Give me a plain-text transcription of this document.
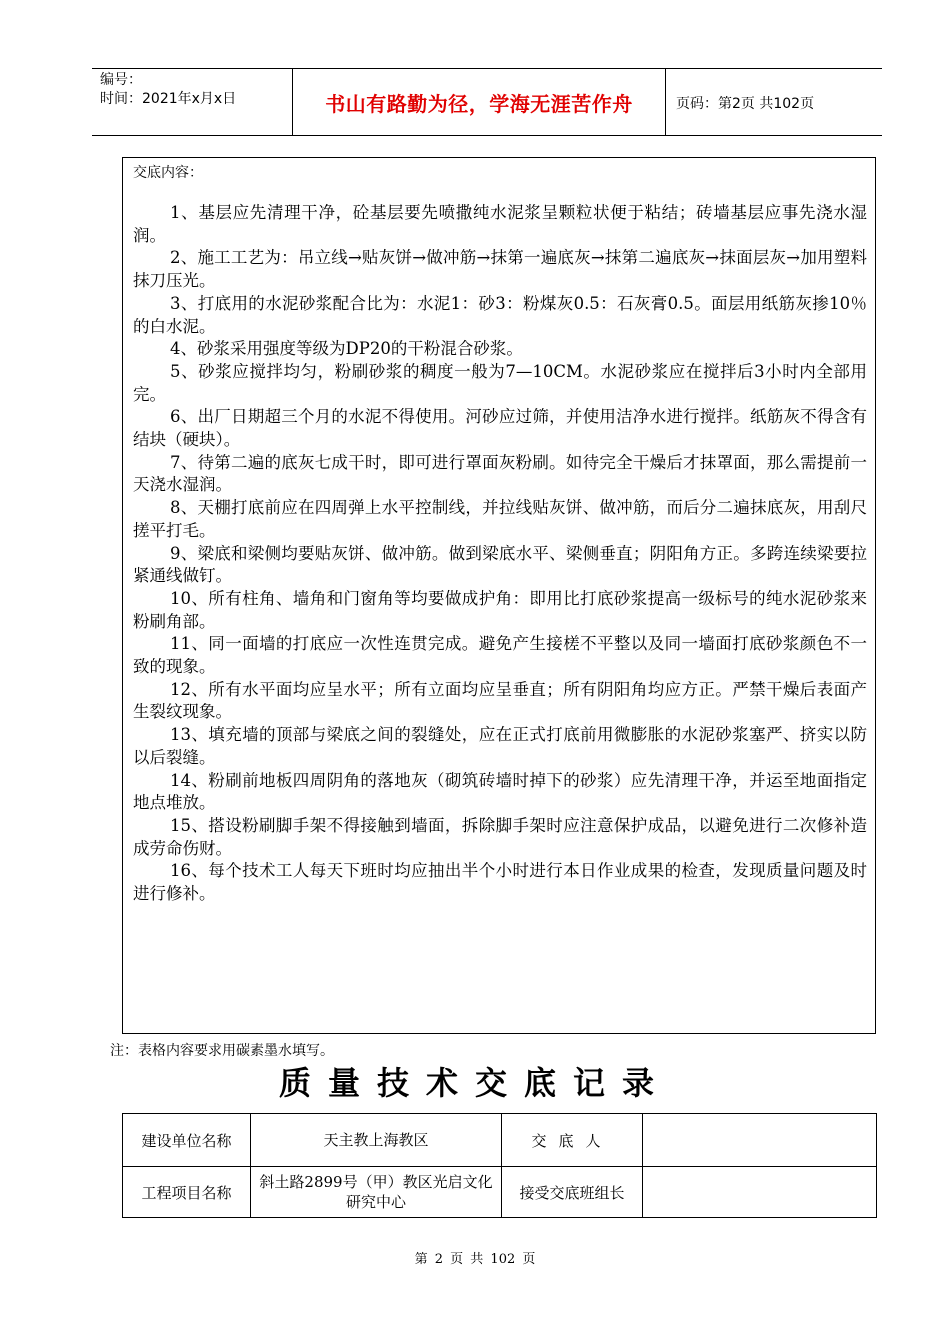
编号：
时间：2021年x月x日	书山有路勤为径，学海无涯苦作舟	页码：第2页 共102页
交底内容：

1、基层应先清理干净，砼基层要先喷撒纯水泥浆呈颗粒状便于粘结；砖墙基层应事先浇水湿润。

2、施工工艺为：吊立线→贴灰饼→做冲筋→抹第一遍底灰→抹第二遍底灰→抹面层灰→加用塑料抹刀压光。

3、打底用的水泥砂浆配合比为：水泥1：砂3：粉煤灰0.5：石灰膏0.5。面层用纸筋灰掺10％的白水泥。

4、砂浆采用强度等级为DP20的干粉混合砂浆。

5、砂浆应搅拌均匀，粉刷砂浆的稠度一般为7—10CM。水泥砂浆应在搅拌后3小时内全部用完。

6、出厂日期超三个月的水泥不得使用。河砂应过筛，并使用洁净水进行搅拌。纸筋灰不得含有结块（硬块）。

7、待第二遍的底灰七成干时，即可进行罩面灰粉刷。如待完全干燥后才抹罩面，那么需提前一天浇水湿润。

8、天棚打底前应在四周弹上水平控制线，并拉线贴灰饼、做冲筋，而后分二遍抹底灰，用刮尺搓平打毛。

9、梁底和梁侧均要贴灰饼、做冲筋。做到梁底水平、梁侧垂直；阴阳角方正。多跨连续梁要拉紧通线做钉。

10、所有柱角、墙角和门窗角等均要做成护角：即用比打底砂浆提高一级标号的纯水泥砂浆来粉刷角部。

11、同一面墙的打底应一次性连贯完成。避免产生接槎不平整以及同一墙面打底砂浆颜色不一致的现象。

12、所有水平面均应呈水平；所有立面均应呈垂直；所有阴阳角均应方正。严禁干燥后表面产生裂纹现象。

13、填充墙的顶部与梁底之间的裂缝处，应在正式打底前用微膨胀的水泥砂浆塞严、挤实以防以后裂缝。

14、粉刷前地板四周阴角的落地灰（砌筑砖墙时掉下的砂浆）应先清理干净，并运至地面指定地点堆放。

15、搭设粉刷脚手架不得接触到墙面，拆除脚手架时应注意保护成品，以避免进行二次修补造成劳命伤财。

16、每个技术工人每天下班时均应抽出半个小时进行本日作业成果的检查，发现质量问题及时进行修补。

注：表格内容要求用碳素墨水填写。
质量技术交底记录
建设单位名称	天主教上海教区	交底人	
工程项目名称	斜土路2899号（甲）教区光启文化研究中心	接受交底班组长	
第 2 页 共 102 页
